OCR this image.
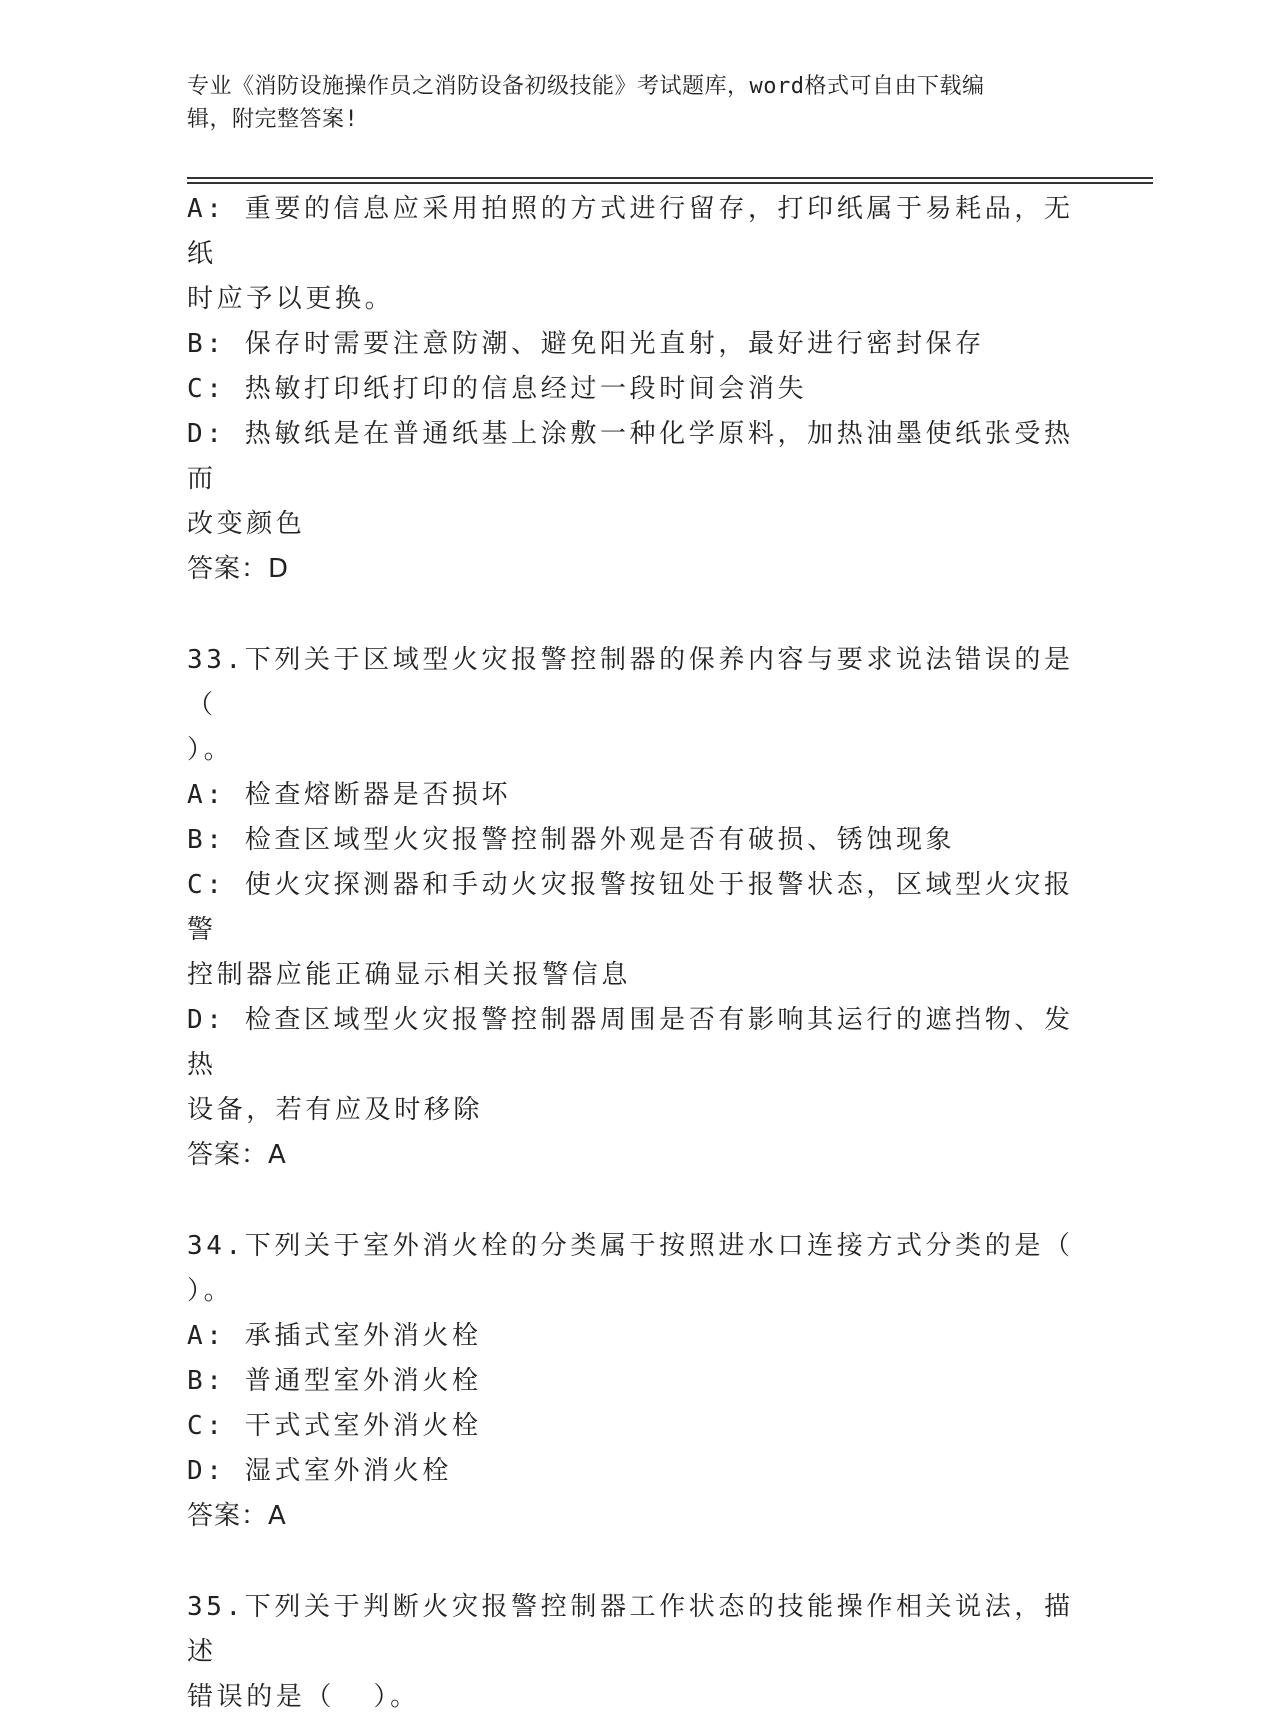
专业《消防设施操作员之消防设备初级技能》考试题库，word格式可自由下载编
辑，附完整答案!

A: 重要的信息应采用拍照的方式进行留存，打印纸属于易耗品，无纸

时应予以更换。

B: 保存时需要注意防潮、避免阳光直射，最好进行密封保存

C: 热敏打印纸打印的信息经过一段时间会消失

D: 热敏纸是在普通纸基上涂敷一种化学原料，加热油墨使纸张受热而

改变颜色

答案：D

33.下列关于区域型火灾报警控制器的保养内容与要求说法错误的是（

）。

A: 检查熔断器是否损坏

B: 检查区域型火灾报警控制器外观是否有破损、锈蚀现象

C: 使火灾探测器和手动火灾报警按钮处于报警状态，区域型火灾报警

控制器应能正确显示相关报警信息

D: 检查区域型火灾报警控制器周围是否有影响其运行的遮挡物、发热

设备，若有应及时移除

答案：A

34.下列关于室外消火栓的分类属于按照进水口连接方式分类的是（

）。

A: 承插式室外消火栓

B: 普通型室外消火栓

C: 干式式室外消火栓

D: 湿式室外消火栓

答案：A

35.下列关于判断火灾报警控制器工作状态的技能操作相关说法，描述

错误的是（  ）。
